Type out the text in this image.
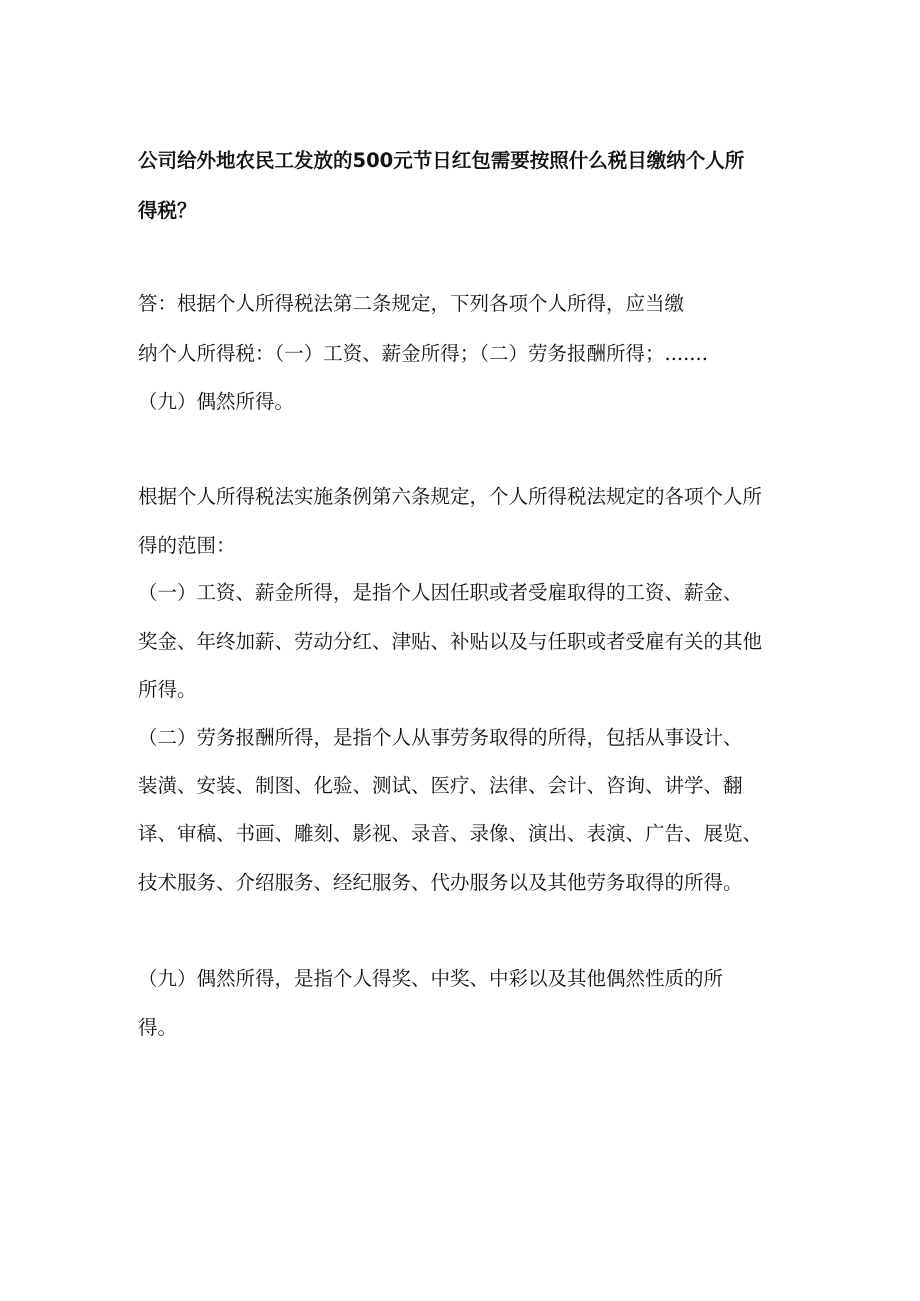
公司给外地农民工发放的500元节日红包需要按照什么税目缴纳个人所
得税？
答：根据个人所得税法第二条规定，下列各项个人所得，应当缴
纳个人所得税：（一）工资、薪金所得；（二）劳务报酬所得；.......
（九）偶然所得。
根据个人所得税法实施条例第六条规定，个人所得税法规定的各项个人所
得的范围：
（一）工资、薪金所得，是指个人因任职或者受雇取得的工资、薪金、
奖金、年终加薪、劳动分红、津贴、补贴以及与任职或者受雇有关的其他
所得。
（二）劳务报酬所得，是指个人从事劳务取得的所得，包括从事设计、
装潢、安装、制图、化验、测试、医疗、法律、会计、咨询、讲学、翻
译、审稿、书画、雕刻、影视、录音、录像、演出、表演、广告、展览、
技术服务、介绍服务、经纪服务、代办服务以及其他劳务取得的所得。
（九）偶然所得，是指个人得奖、中奖、中彩以及其他偶然性质的所
得。
